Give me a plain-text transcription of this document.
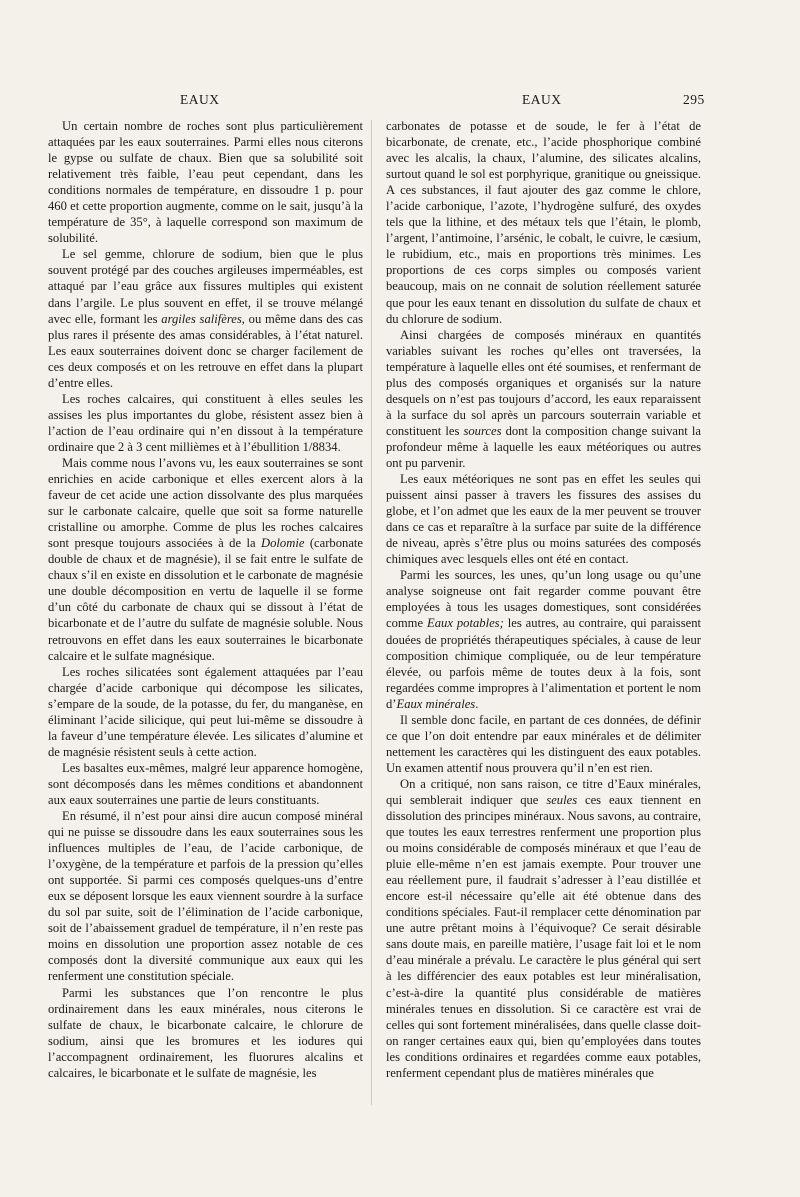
EAUX	EAUX	295

Un certain nombre de roches sont plus particulièrement attaquées par les eaux souterraines. Parmi elles nous citerons le gypse ou sulfate de chaux. Bien que sa solubilité soit relativement très faible, l’eau peut cependant, dans les conditions normales de température, en dissoudre 1 p. pour 460 et cette proportion augmente, comme on le sait, jusqu’à la température de 35°, à laquelle correspond son maximum de solubilité.

Le sel gemme, chlorure de sodium, bien que le plus souvent protégé par des couches argileuses imperméables, est attaqué par l’eau grâce aux fissures multiples qui existent dans l’argile. Le plus souvent en effet, il se trouve mélangé avec elle, formant les argiles salifères, ou même dans des cas plus rares il présente des amas considérables, à l’état naturel. Les eaux souterraines doivent donc se charger facilement de ces deux composés et on les retrouve en effet dans la plupart d’entre elles.

Les roches calcaires, qui constituent à elles seules les assises les plus importantes du globe, résistent assez bien à l’action de l’eau ordinaire qui n’en dissout à la température ordinaire que 2 à 3 cent millièmes et à l’ébullition 1/8834.

Mais comme nous l’avons vu, les eaux souterraines se sont enrichies en acide carbonique et elles exercent alors à la faveur de cet acide une action dissolvante des plus marquées sur le carbonate calcaire, quelle que soit sa forme naturelle cristalline ou amorphe. Comme de plus les roches calcaires sont presque toujours associées à de la Dolomie (carbonate double de chaux et de magnésie), il se fait entre le sulfate de chaux s’il en existe en dissolution et le carbonate de magnésie une double décomposition en vertu de laquelle il se forme d’un côté du carbonate de chaux qui se dissout à l’état de bicarbonate et de l’autre du sulfate de magnésie soluble. Nous retrouvons en effet dans les eaux souterraines le bicarbonate calcaire et le sulfate magnésique.

Les roches silicatées sont également attaquées par l’eau chargée d’acide carbonique qui décompose les silicates, s’empare de la soude, de la potasse, du fer, du manganèse, en éliminant l’acide silicique, qui peut lui-même se dissoudre à la faveur d’une température élevée. Les silicates d’alumine et de magnésie résistent seuls à cette action.

Les basaltes eux-mêmes, malgré leur apparence homogène, sont décomposés dans les mêmes conditions et abandonnent aux eaux souterraines une partie de leurs constituants.

En résumé, il n’est pour ainsi dire aucun composé minéral qui ne puisse se dissoudre dans les eaux souterraines sous les influences multiples de l’eau, de l’acide carbonique, de l’oxygène, de la température et parfois de la pression qu’elles ont supportée. Si parmi ces composés quelques-uns d’entre eux se déposent lorsque les eaux viennent sourdre à la surface du sol par suite, soit de l’élimination de l’acide carbonique, soit de l’abaissement graduel de température, il n’en reste pas moins en dissolution une proportion assez notable de ces composés dont la diversité communique aux eaux qui les renferment une constitution spéciale.

Parmi les substances que l’on rencontre le plus ordinairement dans les eaux minérales, nous citerons le sulfate de chaux, le bicarbonate calcaire, le chlorure de sodium, ainsi que les bromures et les iodures qui l’accompagnent ordinairement, les fluorures alcalins et calcaires, le bicarbonate et le sulfate de magnésie, les

carbonates de potasse et de soude, le fer à l’état de bicarbonate, de crenate, etc., l’acide phosphorique combiné avec les alcalis, la chaux, l’alumine, des silicates alcalins, surtout quand le sol est porphyrique, granitique ou gneissique. A ces substances, il faut ajouter des gaz comme le chlore, l’acide carbonique, l’azote, l’hydrogène sulfuré, des oxydes tels que la lithine, et des métaux tels que l’étain, le plomb, l’argent, l’antimoine, l’arsénic, le cobalt, le cuivre, le cæsium, le rubidium, etc., mais en proportions très minimes. Les proportions de ces corps simples ou composés varient beaucoup, mais on ne connait de solution réellement saturée que pour les eaux tenant en dissolution du sulfate de chaux et du chlorure de sodium.

Ainsi chargées de composés minéraux en quantités variables suivant les roches qu’elles ont traversées, la température à laquelle elles ont été soumises, et renfermant de plus des composés organiques et organisés sur la nature desquels on n’est pas toujours d’accord, les eaux reparaissent à la surface du sol après un parcours souterrain variable et constituent les sources dont la composition change suivant la profondeur même à laquelle les eaux météoriques ou autres ont pu parvenir.

Les eaux météoriques ne sont pas en effet les seules qui puissent ainsi passer à travers les fissures des assises du globe, et l’on admet que les eaux de la mer peuvent se trouver dans ce cas et reparaître à la surface par suite de la différence de niveau, après s’être plus ou moins saturées des composés chimiques avec lesquels elles ont été en contact.

Parmi les sources, les unes, qu’un long usage ou qu’une analyse soigneuse ont fait regarder comme pouvant être employées à tous les usages domestiques, sont considérées comme Eaux potables; les autres, au contraire, qui paraissent douées de propriétés thérapeutiques spéciales, à cause de leur composition chimique compliquée, ou de leur température élevée, ou parfois même de toutes deux à la fois, sont regardées comme impropres à l’alimentation et portent le nom d’Eaux minérales.

Il semble donc facile, en partant de ces données, de définir ce que l’on doit entendre par eaux minérales et de délimiter nettement les caractères qui les distinguent des eaux potables. Un examen attentif nous prouvera qu’il n’en est rien.

On a critiqué, non sans raison, ce titre d’Eaux minérales, qui semblerait indiquer que seules ces eaux tiennent en dissolution des principes minéraux. Nous savons, au contraire, que toutes les eaux terrestres renferment une proportion plus ou moins considérable de composés minéraux et que l’eau de pluie elle-même n’en est jamais exempte. Pour trouver une eau réellement pure, il faudrait s’adresser à l’eau distillée et encore est-il nécessaire qu’elle ait été obtenue dans des conditions spéciales. Faut-il remplacer cette dénomination par une autre prêtant moins à l’équivoque? Ce serait désirable sans doute mais, en pareille matière, l’usage fait loi et le nom d’eau minérale a prévalu. Le caractère le plus général qui sert à les différencier des eaux potables est leur minéralisation, c’est-à-dire la quantité plus considérable de matières minérales tenues en dissolution. Si ce caractère est vrai de celles qui sont fortement minéralisées, dans quelle classe doit-on ranger certaines eaux qui, bien qu’employées dans toutes les conditions ordinaires et regardées comme eaux potables, renferment cependant plus de matières minérales que
